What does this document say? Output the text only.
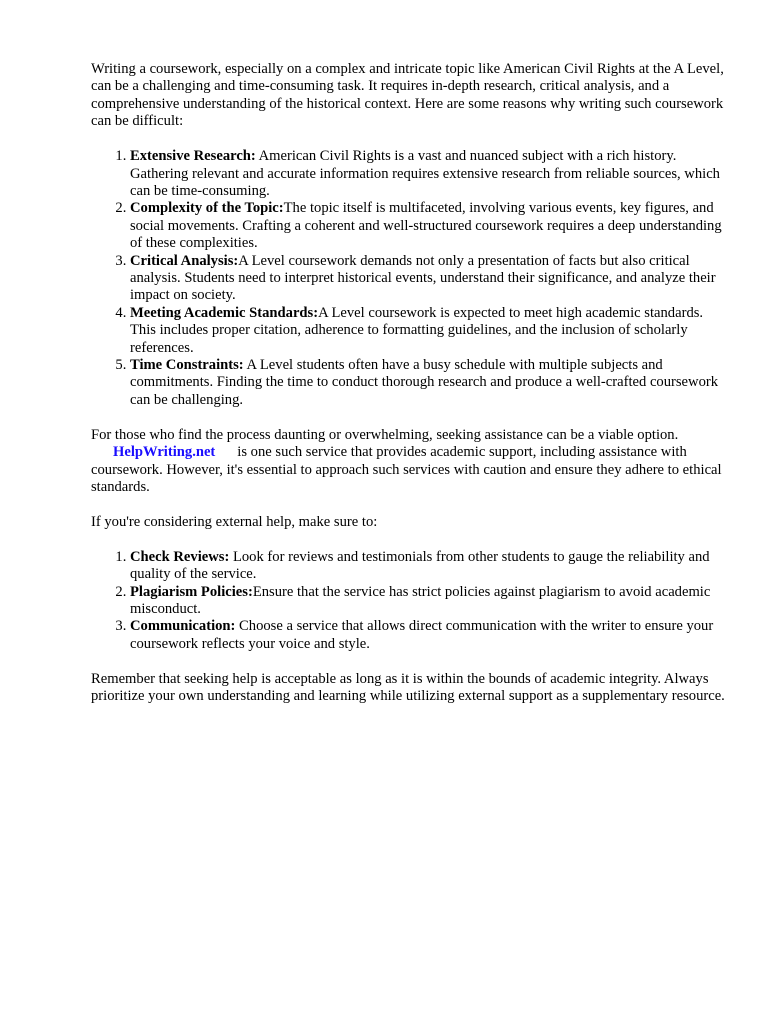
Writing a coursework, especially on a complex and intricate topic like American Civil Rights at the A Level, can be a challenging and time-consuming task. It requires in-depth research, critical analysis, and a comprehensive understanding of the historical context. Here are some reasons why writing such coursework can be difficult:

1. Extensive Research: American Civil Rights is a vast and nuanced subject with a rich history. Gathering relevant and accurate information requires extensive research from reliable sources, which can be time-consuming.
2. Complexity of the Topic:The topic itself is multifaceted, involving various events, key figures, and social movements. Crafting a coherent and well-structured coursework requires a deep understanding of these complexities.
3. Critical Analysis:A Level coursework demands not only a presentation of facts but also critical analysis. Students need to interpret historical events, understand their significance, and analyze their impact on society.
4. Meeting Academic Standards:A Level coursework is expected to meet high academic standards. This includes proper citation, adherence to formatting guidelines, and the inclusion of scholarly references.
5. Time Constraints: A Level students often have a busy schedule with multiple subjects and commitments. Finding the time to conduct thorough research and produce a well-crafted coursework can be challenging.

For those who find the process daunting or overwhelming, seeking assistance can be a viable option.
HelpWriting.net is one such service that provides academic support, including assistance with coursework. However, it's essential to approach such services with caution and ensure they adhere to ethical standards.

If you're considering external help, make sure to:

1. Check Reviews: Look for reviews and testimonials from other students to gauge the reliability and quality of the service.
2. Plagiarism Policies:Ensure that the service has strict policies against plagiarism to avoid academic misconduct.
3. Communication: Choose a service that allows direct communication with the writer to ensure your coursework reflects your voice and style.

Remember that seeking help is acceptable as long as it is within the bounds of academic integrity. Always prioritize your own understanding and learning while utilizing external support as a supplementary resource.
